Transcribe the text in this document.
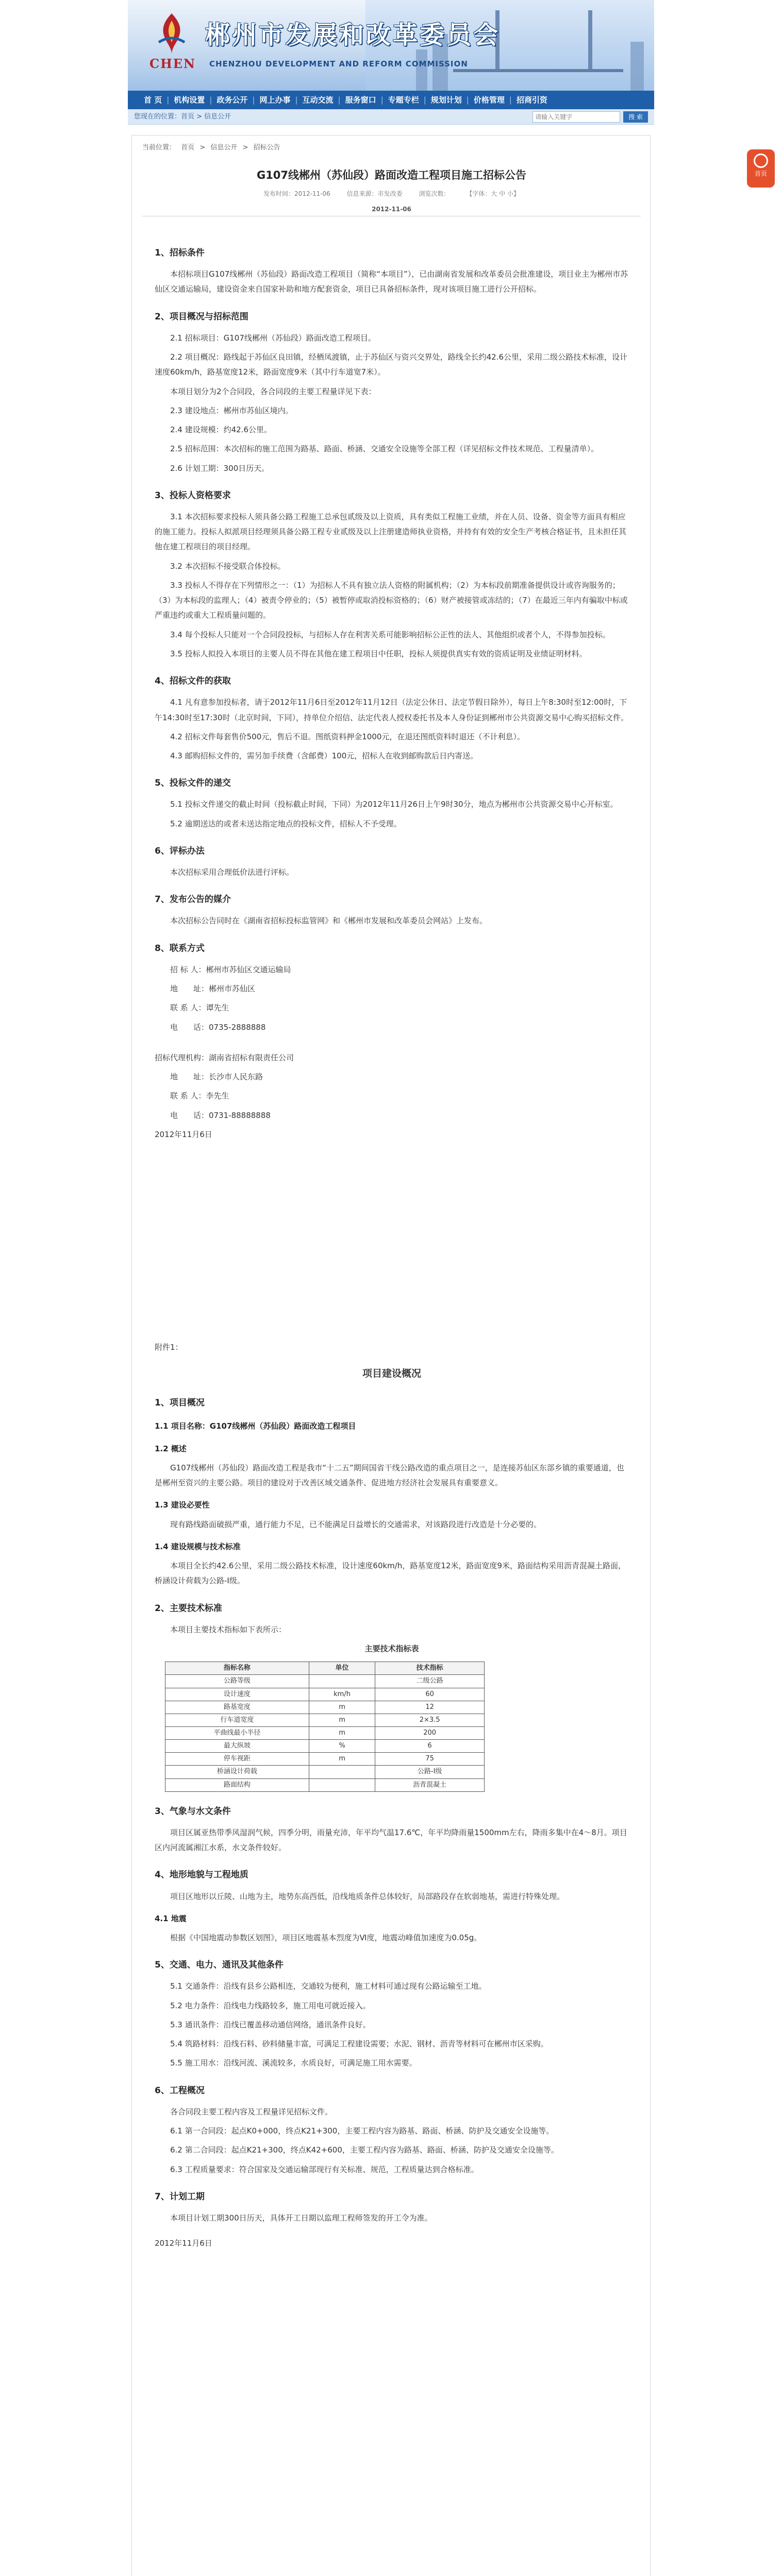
CHEN
郴州市发展和改革委员会
CHENZHOU DEVELOPMENT AND REFORM COMMISSION
首 页 | 机构设置 | 政务公开 | 网上办事 | 互动交流 | 服务窗口 | 专题专栏 | 规划计划 | 价格管理 | 招商引资
您现在的位置：首页 > 信息公开
请输入关键字	搜 索
首页
当前位置： 首页 > 信息公开 > 招标公告
G107线郴州（苏仙段）路面改造工程项目施工招标公告
发布时间：2012-11-06	信息来源：市发改委	浏览次数：	【字体：大 中 小】
2012-11-06
1、招标条件

本招标项目G107线郴州（苏仙段）路面改造工程项目（简称“本项目”），已由湖南省发展和改革委员会批准建设，项目业主为郴州市苏仙区交通运输局，建设资金来自国家补助和地方配套资金，项目已具备招标条件，现对该项目施工进行公开招标。

2、项目概况与招标范围

2.1 招标项目：G107线郴州（苏仙段）路面改造工程项目。

2.2 项目概况：路线起于苏仙区良田镇，经栖凤渡镇，止于苏仙区与资兴交界处，路线全长约42.6公里，采用二级公路技术标准，设计速度60km/h，路基宽度12米，路面宽度9米（其中行车道宽7米）。

本项目划分为2个合同段，各合同段的主要工程量详见下表：

2.3 建设地点：郴州市苏仙区境内。

2.4 建设规模：约42.6公里。

2.5 招标范围：本次招标的施工范围为路基、路面、桥涵、交通安全设施等全部工程（详见招标文件技术规范、工程量清单）。

2.6 计划工期：300日历天。

3、投标人资格要求

3.1 本次招标要求投标人须具备公路工程施工总承包贰级及以上资质，具有类似工程施工业绩，并在人员、设备、资金等方面具有相应的施工能力。投标人拟派项目经理须具备公路工程专业贰级及以上注册建造师执业资格，并持有有效的安全生产考核合格证书，且未担任其他在建工程项目的项目经理。

3.2 本次招标不接受联合体投标。

3.3 投标人不得存在下列情形之一：（1）为招标人不具有独立法人资格的附属机构；（2）为本标段前期准备提供设计或咨询服务的；（3）为本标段的监理人；（4）被责令停业的；（5）被暂停或取消投标资格的；（6）财产被接管或冻结的；（7）在最近三年内有骗取中标或严重违约或重大工程质量问题的。

3.4 每个投标人只能对一个合同段投标，与招标人存在利害关系可能影响招标公正性的法人、其他组织或者个人，不得参加投标。

3.5 投标人拟投入本项目的主要人员不得在其他在建工程项目中任职，投标人须提供真实有效的资质证明及业绩证明材料。

4、招标文件的获取

4.1 凡有意参加投标者，请于2012年11月6日至2012年11月12日（法定公休日、法定节假日除外），每日上午8:30时至12:00时，下午14:30时至17:30时（北京时间，下同），持单位介绍信、法定代表人授权委托书及本人身份证到郴州市公共资源交易中心购买招标文件。

4.2 招标文件每套售价500元，售后不退。图纸资料押金1000元，在退还图纸资料时退还（不计利息）。

4.3 邮购招标文件的，需另加手续费（含邮费）100元，招标人在收到邮购款后日内寄送。

5、投标文件的递交

5.1 投标文件递交的截止时间（投标截止时间，下同）为2012年11月26日上午9时30分，地点为郴州市公共资源交易中心开标室。

5.2 逾期送达的或者未送达指定地点的投标文件，招标人不予受理。

6、评标办法

本次招标采用合理低价法进行评标。

7、发布公告的媒介

本次招标公告同时在《湖南省招标投标监管网》和《郴州市发展和改革委员会网站》上发布。

8、联系方式

招 标 人：郴州市苏仙区交通运输局

地　　址：郴州市苏仙区

联 系 人：谭先生

电　　话：0735-2888888

招标代理机构：湖南省招标有限责任公司

地　　址：长沙市人民东路

联 系 人：李先生

电　　话：0731-88888888

2012年11月6日

附件1：

项目建设概况
1、项目概况
1.1 项目名称：G107线郴州（苏仙段）路面改造工程项目
1.2 概述

G107线郴州（苏仙段）路面改造工程是我市“十二五”期间国省干线公路改造的重点项目之一，是连接苏仙区东部乡镇的重要通道，也是郴州至资兴的主要公路。项目的建设对于改善区域交通条件、促进地方经济社会发展具有重要意义。

1.3 建设必要性

现有路线路面破损严重，通行能力不足，已不能满足日益增长的交通需求，对该路段进行改造是十分必要的。

1.4 建设规模与技术标准

本项目全长约42.6公里，采用二级公路技术标准，设计速度60km/h，路基宽度12米，路面宽度9米，路面结构采用沥青混凝土路面，桥涵设计荷载为公路-Ⅰ级。

2、主要技术标准

本项目主要技术指标如下表所示：

主要技术指标表

指标名称	单位	技术指标
公路等级		二级公路
设计速度	km/h	60
路基宽度	m	12
行车道宽度	m	2×3.5
平曲线最小半径	m	200
最大纵坡	%	6
停车视距	m	75
桥涵设计荷载		公路-Ⅰ级
路面结构		沥青混凝土
3、气象与水文条件

项目区属亚热带季风湿润气候，四季分明，雨量充沛，年平均气温17.6℃，年平均降雨量1500mm左右，降雨多集中在4～8月。项目区内河流属湘江水系，水文条件较好。

4、地形地貌与工程地质

项目区地形以丘陵、山地为主，地势东高西低，沿线地质条件总体较好，局部路段存在软弱地基，需进行特殊处理。

4.1 地震

根据《中国地震动参数区划图》，项目区地震基本烈度为Ⅵ度，地震动峰值加速度为0.05g。

5、交通、电力、通讯及其他条件

5.1 交通条件：沿线有县乡公路相连，交通较为便利，施工材料可通过现有公路运输至工地。

5.2 电力条件：沿线电力线路较多，施工用电可就近接入。

5.3 通讯条件：沿线已覆盖移动通信网络，通讯条件良好。

5.4 筑路材料：沿线石料、砂料储量丰富，可满足工程建设需要；水泥、钢材、沥青等材料可在郴州市区采购。

5.5 施工用水：沿线河流、溪流较多，水质良好，可满足施工用水需要。

6、工程概况

各合同段主要工程内容及工程量详见招标文件。

6.1 第一合同段：起点K0+000，终点K21+300，主要工程内容为路基、路面、桥涵、防护及交通安全设施等。

6.2 第二合同段：起点K21+300，终点K42+600，主要工程内容为路基、路面、桥涵、防护及交通安全设施等。

6.3 工程质量要求：符合国家及交通运输部现行有关标准、规范，工程质量达到合格标准。

7、计划工期

本项目计划工期300日历天，具体开工日期以监理工程师签发的开工令为准。

2012年11月6日
